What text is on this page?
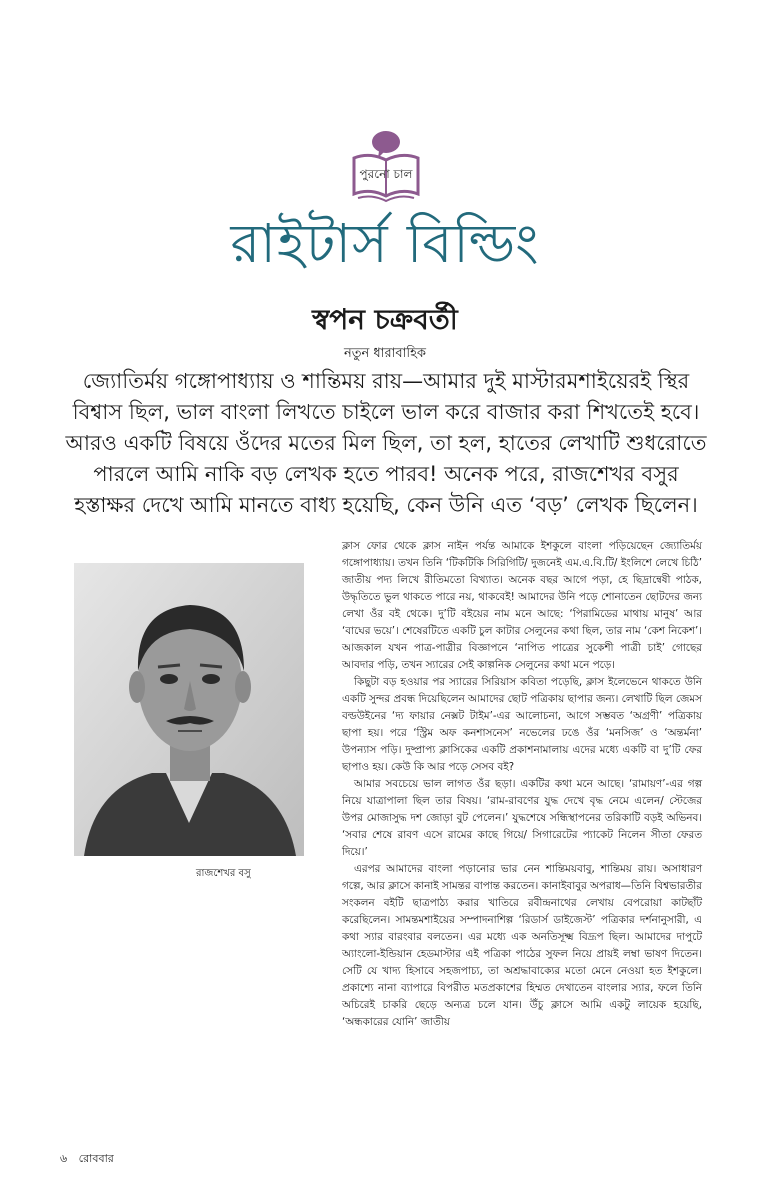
পুরনো চাল
রাইটার্স বিল্ডিং
স্বপন চক্রবর্তী
নতুন ধারাবাহিক
জ্যোতির্ময় গঙ্গোপাধ্যায় ও শান্তিময় রায়—আমার দুই মাস্টারমশাইয়েরই স্থির
বিশ্বাস ছিল, ভাল বাংলা লিখতে চাইলে ভাল করে বাজার করা শিখতেই হবে।
আরও একটি বিষয়ে ওঁদের মতের মিল ছিল, তা হল, হাতের লেখাটি শুধরোতে
পারলে আমি নাকি বড় লেখক হতে পারব! অনেক পরে, রাজশেখর বসুর
হস্তাক্ষর দেখে আমি মানতে বাধ্য হয়েছি, কেন উনি এত ‘বড়’ লেখক ছিলেন।
রাজশেখর বসু

ক্লাস ফোর থেকে ক্লাস নাইন পর্যন্ত আমাকে ইশকুলে বাংলা পড়িয়েছেন জ্যোতির্ময় গঙ্গোপাধ্যায়। তখন তিনি ‘টিকটিকি সিরিগিটি/ দুজনেই এম.এ.বি.টি/ ইংলিশে লেখে চিঠি’ জাতীয় পদ্য লিখে রীতিমতো বিখ্যাত। অনেক বছর আগে পড়া, হে ছিদ্রান্বেষী পাঠক, উদ্ধৃতিতে ভুল থাকতে পারে নয়, থাকবেই! আমাদের উনি পড়ে শোনাতেন ছোটদের জন্য লেখা ওঁর বই থেকে। দু’টি বইয়ের নাম মনে আছে: ‘পিরামিডের মাথায় মানুষ’ আর ‘বাঘের ভয়ে’। শেষেরটিতে একটি চুল কাটার সেলুনের কথা ছিল, তার নাম ‘কেশ নিকেশ’। আজকাল যখন পাত্র-পাত্রীর বিজ্ঞাপনে ‘নাপিত পাত্রের সুকেশী পাত্রী চাই’ গোছের আবদার পড়ি, তখন স্যারের সেই কাল্পনিক সেলুনের কথা মনে পড়ে।

কিছুটা বড় হওয়ার পর স্যারের সিরিয়াস কবিতা পড়েছি, ক্লাস ইলেভেনে থাকতে উনি একটি সুন্দর প্রবন্ধ দিয়েছিলেন আমাদের ছোট পত্রিকায় ছাপার জন্য। লেখাটি ছিল জেমস বল্ডউইনের ‘দ্য ফায়ার নেক্সট টাইম’-এর আলোচনা, আগে সম্ভবত ‘অগ্রণী’ পত্রিকায় ছাপা হয়। পরে ‘স্ট্রিম অফ কনশাসনেস’ নভেলের ঢঙে ওঁর ‘মনসিজ’ ও ‘অন্তর্মনা’ উপন্যাস পড়ি। দুষ্প্রাপ্য ক্লাসিকের একটি প্রকাশনামালায় এদের মধ্যে একটি বা দু’টি ফের ছাপাও হয়। কেউ কি আর পড়ে সেসব বই?

আমার সবচেয়ে ভাল লাগত ওঁর ছড়া। একটির কথা মনে আছে। ‘রামায়ণ’-এর গল্প নিয়ে যাত্রাপালা ছিল তার বিষয়। ‘রাম-রাবণের যুদ্ধ দেখে বৃদ্ধ নেমে এলেন/ স্টেজের উপর মোজাসুদ্ধ দশ জোড়া বুট পেলেন।’ যুদ্ধশেষে সন্ধিস্থাপনের তরিকাটি বড়ই অভিনব। ‘সবার শেষে রাবণ এসে রামের কাছে গিয়ে/ সিগারেটের প্যাকেট নিলেন সীতা ফেরত দিয়ে।’

এরপর আমাদের বাংলা পড়ানোর ভার নেন শান্তিময়বাবু, শান্তিময় রায়। অসাধারণ গল্পে, আর ক্লাসে কানাই সামন্তর বাপান্ত করতেন। কানাইবাবুর অপরাধ—তিনি বিশ্বভারতীর সংকলন বইটি ছাত্রপাঠ্য করার খাতিরে রবীন্দ্রনাথের লেখায় বেপরোয়া কাটছাঁট করেছিলেন। সামন্তমশাইয়ের সম্পাদনাশিল্প ‘রিডার্স ডাইজেস্ট’ পত্রিকার দর্শনানুসারী, এ কথা স্যার বারংবার বলতেন। এর মধ্যে এক অনতিসূক্ষ্ম বিদ্রূপ ছিল। আমাদের দাপুটে অ্যাংলো-ইন্ডিয়ান হেডমাস্টার এই পত্রিকা পাঠের সুফল নিয়ে প্রায়ই লম্বা ভাষণ দিতেন। সেটি যে খাদ্য হিসাবে সহজপাচ্য, তা অশ্রদ্ধাবাক্যের মতো মেনে নেওয়া হত ইশকুলে। প্রকাশ্যে নানা ব্যাপারে বিপরীত মতপ্রকাশের হিম্মত দেখাতেন বাংলার স্যার, ফলে তিনি অচিরেই চাকরি ছেড়ে অন্যত্র চলে যান। উঁচু ক্লাসে আমি একটু লায়েক হয়েছি, ‘অন্ধকারের যোনি’ জাতীয়

৬ রোববার
